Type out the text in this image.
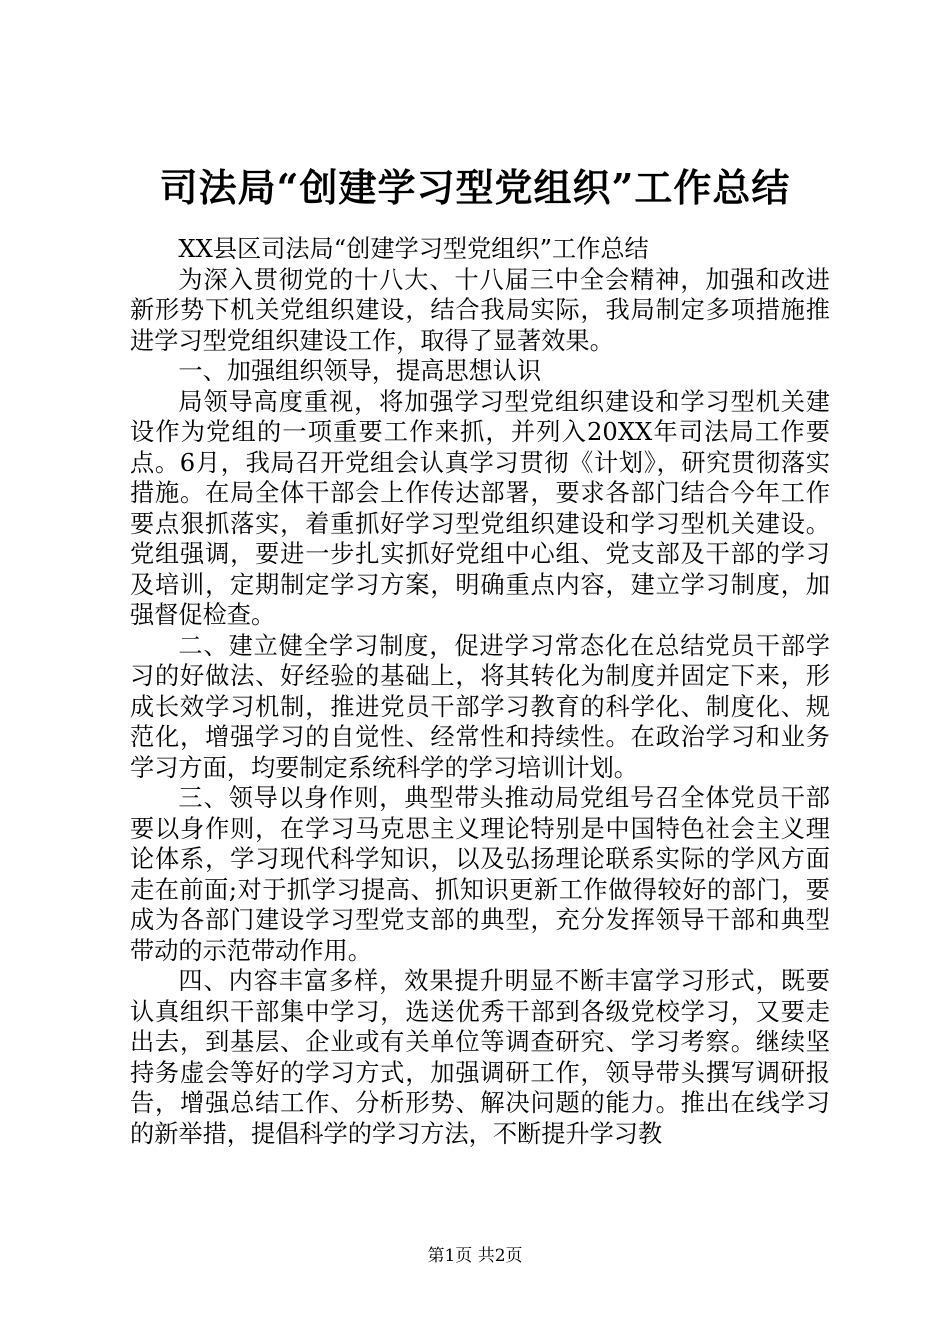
司法局“创建学习型党组织”工作总结

XX县区司法局“创建学习型党组织”工作总结

为深入贯彻党的十八大、十八届三中全会精神，加强和改进新形势下机关党组织建设，结合我局实际，我局制定多项措施推进学习型党组织建设工作，取得了显著效果。

一、加强组织领导，提高思想认识

局领导高度重视，将加强学习型党组织建设和学习型机关建设作为党组的一项重要工作来抓，并列入20XX年司法局工作要点。6月，我局召开党组会认真学习贯彻《计划》，研究贯彻落实措施。在局全体干部会上作传达部署，要求各部门结合今年工作要点狠抓落实，着重抓好学习型党组织建设和学习型机关建设。党组强调，要进一步扎实抓好党组中心组、党支部及干部的学习及培训，定期制定学习方案，明确重点内容，建立学习制度，加强督促检查。

二、建立健全学习制度，促进学习常态化在总结党员干部学习的好做法、好经验的基础上，将其转化为制度并固定下来，形成长效学习机制，推进党员干部学习教育的科学化、制度化、规范化，增强学习的自觉性、经常性和持续性。在政治学习和业务学习方面，均要制定系统科学的学习培训计划。

三、领导以身作则，典型带头推动局党组号召全体党员干部要以身作则，在学习马克思主义理论特别是中国特色社会主义理论体系，学习现代科学知识，以及弘扬理论联系实际的学风方面走在前面;对于抓学习提高、抓知识更新工作做得较好的部门，要成为各部门建设学习型党支部的典型，充分发挥领导干部和典型带动的示范带动作用。

四、内容丰富多样，效果提升明显不断丰富学习形式，既要认真组织干部集中学习，选送优秀干部到各级党校学习，又要走出去，到基层、企业或有关单位等调查研究、学习考察。继续坚持务虚会等好的学习方式，加强调研工作，领导带头撰写调研报告，增强总结工作、分析形势、解决问题的能力。推出在线学习的新举措，提倡科学的学习方法，不断提升学习教

第1页 共2页
